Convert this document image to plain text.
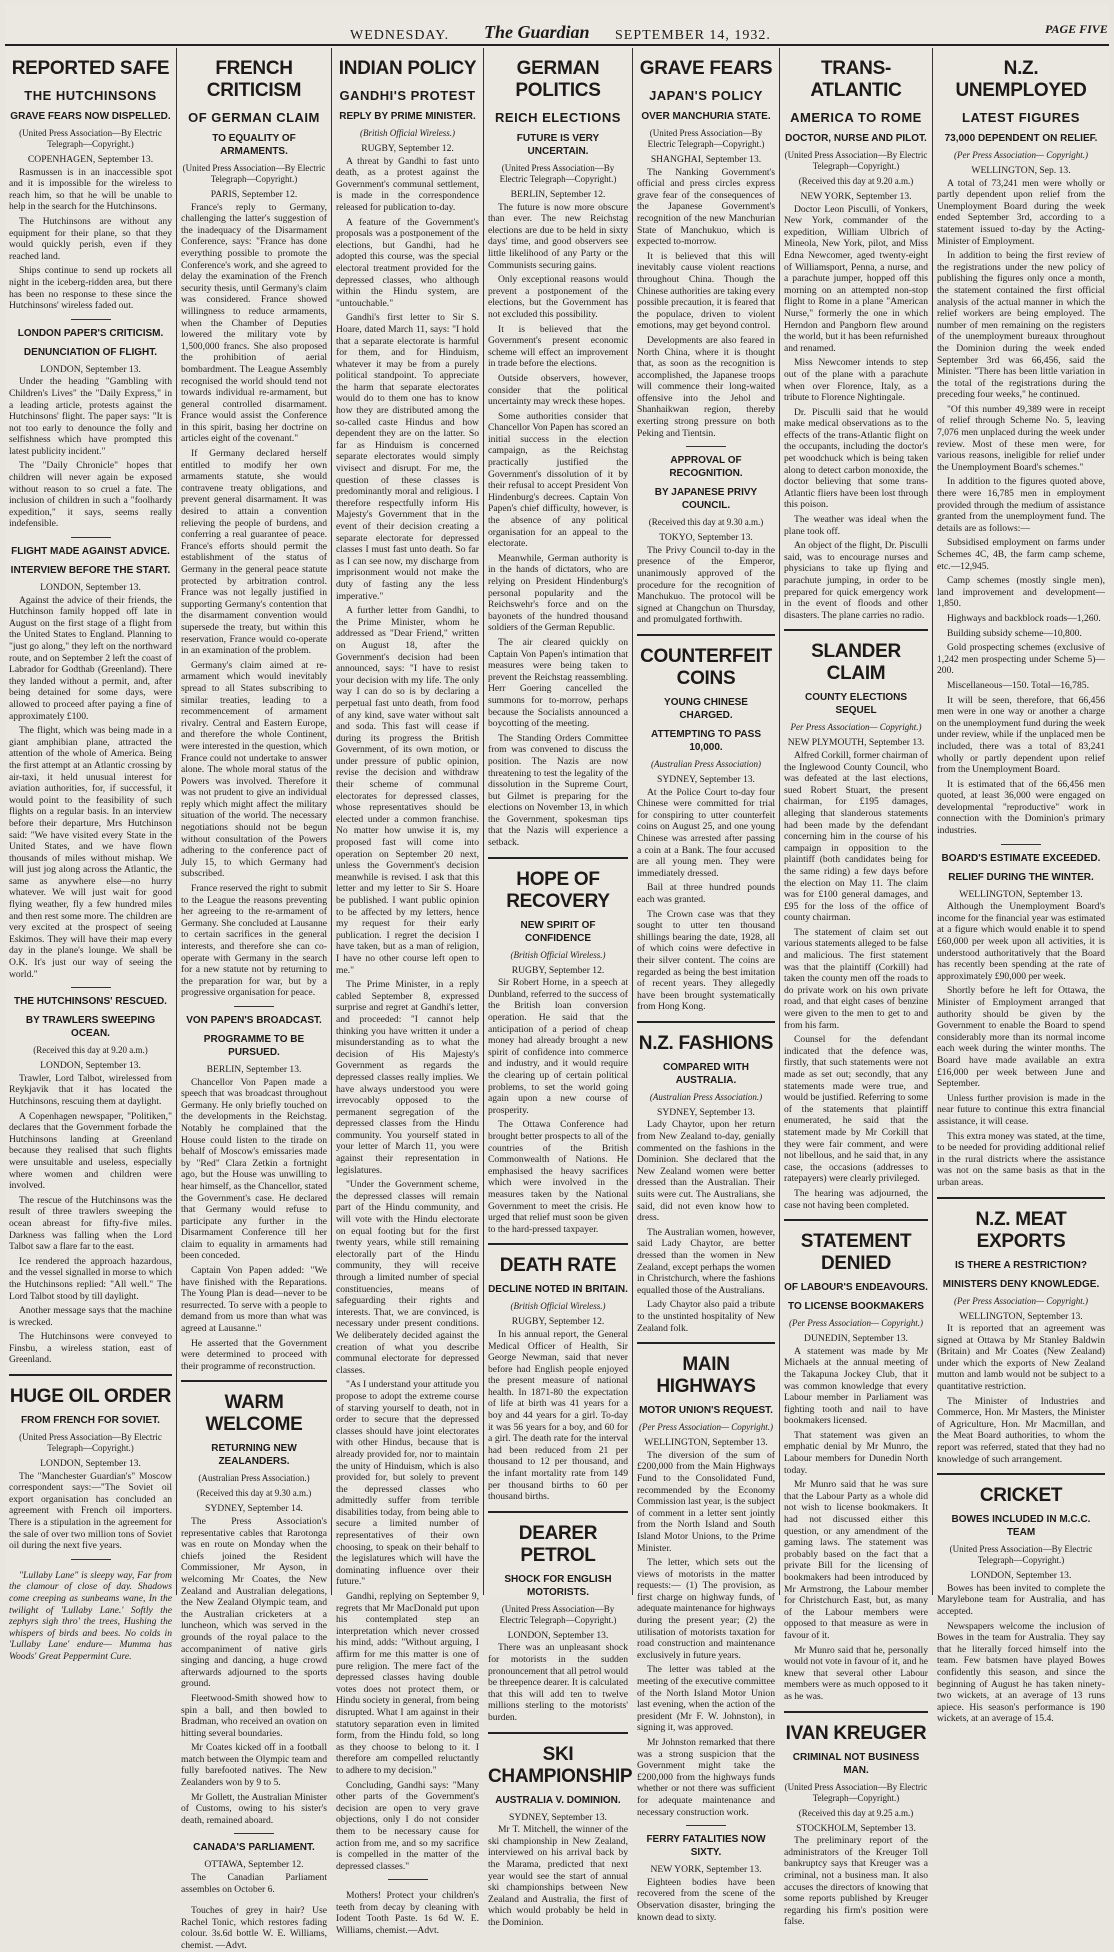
WEDNESDAY. The Guardian SEPTEMBER 14, 1932.	PAGE FIVE
REPORTED SAFE
THE HUTCHINSONS
GRAVE FEARS NOW DISPELLED.
(United Press Association—By Electric Telegraph—Copyright.)
COPENHAGEN, September 13.

Rasmussen is in an inaccessible spot and it is impossible for the wireless to reach him, so that he will be unable to help in the search for the Hutchinsons.

The Hutchinsons are without any equipment for their plane, so that they would quickly perish, even if they reached land.

Ships continue to send up rockets all night in the iceberg-ridden area, but there has been no response to these since the Hutchinsons' wireless faded out.

LONDON PAPER'S CRITICISM.
DENUNCIATION OF FLIGHT.
LONDON, September 13.

Under the heading "Gambling with Children's Lives" the "Daily Express," in a leading article, protests against the Hutchinsons' flight. The paper says: "It is not too early to denounce the folly and selfishness which have prompted this latest publicity incident."

The "Daily Chronicle" hopes that children will never again be exposed without reason to so cruel a fate. The inclusion of children in such a "foolhardy expedition," it says, seems really indefensible.

FLIGHT MADE AGAINST ADVICE.
INTERVIEW BEFORE THE START.
LONDON, September 13.

Against the advice of their friends, the Hutchinson family hopped off late in August on the first stage of a flight from the United States to England. Planning to "just go along," they left on the northward route, and on September 2 left the coast of Labrador for Godthab (Greenland). There they landed without a permit, and, after being detained for some days, were allowed to proceed after paying a fine of approximately £100.

The flight, which was being made in a giant amphibian plane, attracted the attention of the whole of America. Being the first attempt at an Atlantic crossing by air-taxi, it held unusual interest for aviation authorities, for, if successful, it would point to the feasibility of such flights on a regular basis. In an interview before their departure, Mrs Hutchinson said: "We have visited every State in the United States, and we have flown thousands of miles without mishap. We will just jog along across the Atlantic, the same as anywhere else—no hurry whatever. We will just wait for good flying weather, fly a few hundred miles and then rest some more. The children are very excited at the prospect of seeing Eskimos. They will have their map every day in the plane's lounge. We shall be O.K. It's just our way of seeing the world."

THE HUTCHINSONS' RESCUED.
BY TRAWLERS SWEEPING OCEAN.
(Received this day at 9.20 a.m.)
LONDON, September 13.

Trawler, Lord Talbot, wirelessed from Reykjavik that it has located the Hutchinsons, rescuing them at daylight.

A Copenhagen newspaper, "Politiken," declares that the Government forbade the Hutchinsons landing at Greenland because they realised that such flights were unsuitable and useless, especially where women and children were involved.

The rescue of the Hutchinsons was the result of three trawlers sweeping the ocean abreast for fifty-five miles. Darkness was falling when the Lord Talbot saw a flare far to the east.

Ice rendered the approach hazardous, and the vessel signalled in morse to which the Hutchinsons replied: "All well." The Lord Talbot stood by till daylight.

Another message says that the machine is wrecked.

The Hutchinsons were conveyed to Finsbu, a wireless station, east of Greenland.

HUGE OIL ORDER
FROM FRENCH FOR SOVIET.
(United Press Association—By Electric Telegraph—Copyright.)
LONDON, September 13.

The "Manchester Guardian's" Moscow correspondent says:—"The Soviet oil export organisation has concluded an agreement with French oil importers. There is a stipulation in the agreement for the sale of over two million tons of Soviet oil during the next five years.

"Lullaby Lane" is sleepy way, Far from the clamour of close of day. Shadows come creeping as sunbeams wane, In the twilight of 'Lullaby Lane.' Softly the zephyrs sigh thro' the trees, Hushing the whispers of birds and bees. No colds in 'Lullaby Lane' endure— Mumma has Woods' Great Peppermint Cure.

FRENCH CRITICISM
OF GERMAN CLAIM
TO EQUALITY OF ARMAMENTS.
(United Press Association—By Electric Telegraph—Copyright.)
PARIS, September 12.

France's reply to Germany, challenging the latter's suggestion of the inadequacy of the Disarmament Conference, says: "France has done everything possible to promote the Conference's work, and she agreed to delay the examination of the French security thesis, until Germany's claim was considered. France showed willingness to reduce armaments, when the Chamber of Deputies lowered the military vote by 1,500,000 francs. She also proposed the prohibition of aerial bombardment. The League Assembly recognised the world should tend not towards individual re-armament, but general controlled disarmament. France would assist the Conference in this spirit, basing her doctrine on articles eight of the covenant."

If Germany declared herself entitled to modify her own armaments statute, she would contravene treaty obligations, and prevent general disarmament. It was desired to attain a convention relieving the people of burdens, and conferring a real guarantee of peace. France's efforts should permit the establishment of the status of Germany in the general peace statute protected by arbitration control. France was not legally justified in supporting Germany's contention that the disarmament convention would supersede the treaty, but within this reservation, France would co-operate in an examination of the problem.

Germany's claim aimed at re-armament which would inevitably spread to all States subscribing to similar treaties, leading to a recommencement of armament rivalry. Central and Eastern Europe, and therefore the whole Continent, were interested in the question, which France could not undertake to answer alone. The whole moral status of the Powers was involved. Therefore it was not prudent to give an individual reply which might affect the military situation of the world. The necessary negotiations should not be begun without consultation of the Powers adhering to the conference pact of July 15, to which Germany had subscribed.

France reserved the right to submit to the League the reasons preventing her agreeing to the re-armament of Germany. She concluded at Lausanne to certain sacrifices in the general interests, and therefore she can co-operate with Germany in the search for a new statute not by returning to the preparation for war, but by a progressive organisation for peace.

VON PAPEN'S BROADCAST.
PROGRAMME TO BE PURSUED.
BERLIN, September 13.

Chancellor Von Papen made a speech that was broadcast throughout Germany. He only briefly touched on the developments in the Reichstag. Notably he complained that the House could listen to the tirade on behalf of Moscow's emissaries made by "Red" Clara Zetkin a fortnight ago, but the House was unwilling to hear himself, as the Chancellor, stated the Government's case. He declared that Germany would refuse to participate any further in the Disarmament Conference till her claim to equality in armaments had been conceded.

Captain Von Papen added: "We have finished with the Reparations. The Young Plan is dead—never to be resurrected. To serve with a people to demand from us more than what was agreed at Lausanne."

He asserted that the Government were determined to proceed with their programme of reconstruction.

WARM WELCOME
RETURNING NEW ZEALANDERS.
(Australian Press Association.)
(Received this day at 9.30 a.m.)
SYDNEY, September 14.

The Press Association's representative cables that Rarotonga was en route on Monday when the chiefs joined the Resident Commissioner, Mr Ayson, in welcoming Mr Coates, the New Zealand and Australian delegations, the New Zealand Olympic team, and the Australian cricketers at a luncheon, which was served in the grounds of the royal palace to the accompaniment of native girls singing and dancing, a huge crowd afterwards adjourned to the sports ground.

Fleetwood-Smith showed how to spin a ball, and then bowled to Bradman, who received an ovation on hitting several boundaries.

Mr Coates kicked off in a football match between the Olympic team and fully barefooted natives. The New Zealanders won by 9 to 5.

Mr Gollett, the Australian Minister of Customs, owing to his sister's death, remained aboard.

CANADA'S PARLIAMENT.
OTTAWA, September 12.

The Canadian Parliament assembles on October 6.

Touches of grey in hair? Use Rachel Tonic, which restores fading colour. 3s.6d bottle W. E. Williams, chemist. —Advt.

INDIAN POLICY
GANDHI'S PROTEST
REPLY BY PRIME MINISTER.
(British Official Wireless.)
RUGBY, September 12.

A threat by Gandhi to fast unto death, as a protest against the Government's communal settlement, is made in the correspondence released for publication to-day.

A feature of the Government's proposals was a postponement of the elections, but Gandhi, had he adopted this course, was the special electoral treatment provided for the depressed classes, who although within the Hindu system, are "untouchable."

Gandhi's first letter to Sir S. Hoare, dated March 11, says: "I hold that a separate electorate is harmful for them, and for Hinduism, whatever it may be from a purely political standpoint. To appreciate the harm that separate electorates would do to them one has to know how they are distributed among the so-called caste Hindus and how dependent they are on the latter. So far as Hinduism is concerned separate electorates would simply vivisect and disrupt. For me, the question of these classes is predominantly moral and religious. I therefore respectfully inform His Majesty's Government that in the event of their decision creating a separate electorate for depressed classes I must fast unto death. So far as I can see now, my discharge from imprisonment would not make the duty of fasting any the less imperative."

A further letter from Gandhi, to the Prime Minister, whom he addressed as "Dear Friend," written on August 18, after the Government's decision had been announced, says: "I have to resist your decision with my life. The only way I can do so is by declaring a perpetual fast unto death, from food of any kind, save water without salt and soda. This fast will cease if during its progress the British Government, of its own motion, or under pressure of public opinion, revise the decision and withdraw their scheme of communal electorates for depressed classes, whose representatives should be elected under a common franchise. No matter how unwise it is, my proposed fast will come into operation on September 20 next, unless the Government's decision meanwhile is revised. I ask that this letter and my letter to Sir S. Hoare be published. I want public opinion to be affected by my letters, hence my request for their early publication. I regret the decision I have taken, but as a man of religion, I have no other course left open to me."

The Prime Minister, in a reply cabled September 8, expressed surprise and regret at Gandhi's letter, and proceeded: "I cannot help thinking you have written it under a misunderstanding as to what the decision of His Majesty's Government as regards the depressed classes really implies. We have always understood you were irrevocably opposed to the permanent segregation of the depressed classes from the Hindu community. You yourself stated in your letter of March 11, you were against their representation in legislatures.

"Under the Government scheme, the depressed classes will remain part of the Hindu community, and will vote with the Hindu electorate on equal footing but for the first twenty years, while still remaining electorally part of the Hindu community, they will receive through a limited number of special constituencies, means of safeguarding their rights and interests. That, we are convinced, is necessary under present conditions. We deliberately decided against the creation of what you describe communal electorate for depressed classes.

"As I understand your attitude you propose to adopt the extreme course of starving yourself to death, not in order to secure that the depressed classes should have joint electorates with other Hindus, because that is already provided for, nor to maintain the unity of Hinduism, which is also provided for, but solely to prevent the depressed classes who admittedly suffer from terrible disabilities today, from being able to secure a limited number of representatives of their own choosing, to speak on their behalf to the legislatures which will have the dominating influence over their future."

Gandhi, replying on September 9, regrets that Mr MacDonald put upon his contemplated step an interpretation which never crossed his mind, adds: "Without arguing, I affirm for me this matter is one of pure religion. The mere fact of the depressed classes having double votes does not protect them, or Hindu society in general, from being disrupted. What I am against in their statutory separation even in limited form, from the Hindu fold, so long as they choose to belong to it. I therefore am compelled reluctantly to adhere to my decision."

Concluding, Gandhi says: "Many other parts of the Government's decision are open to very grave objections, only I do not consider them to be necessary cause for action from me, and so my sacrifice is compelled in the matter of the depressed classes."

Mothers! Protect your children's teeth from decay by cleaning with Iodent Tooth Paste. 1s 6d W. E. Williams, chemist.—Advt.

GERMAN POLITICS
REICH ELECTIONS
FUTURE IS VERY UNCERTAIN.
(United Press Association—By Electric Telegraph—Copyright.)
BERLIN, September 12.

The future is now more obscure than ever. The new Reichstag elections are due to be held in sixty days' time, and good observers see little likelihood of any Party or the Communists securing gains.

Only exceptional reasons would prevent a postponement of the elections, but the Government has not excluded this possibility.

It is believed that the Government's present economic scheme will effect an improvement in trade before the elections.

Outside observers, however, consider that the political uncertainty may wreck these hopes.

Some authorities consider that Chancellor Von Papen has scored an initial success in the election campaign, as the Reichstag practically justified the Government's dissolution of it by their refusal to accept President Von Hindenburg's decrees. Captain Von Papen's chief difficulty, however, is the absence of any political organisation for an appeal to the electorate.

Meanwhile, German authority is in the hands of dictators, who are relying on President Hindenburg's personal popularity and the Reichswehr's force and on the bayonets of the hundred thousand soldiers of the German Republic.

The air cleared quickly on Captain Von Papen's intimation that measures were being taken to prevent the Reichstag reassembling. Herr Goering cancelled the summons for to-morrow, perhaps because the Socialists announced a boycotting of the meeting.

The Standing Orders Committee from was convened to discuss the position. The Nazis are now threatening to test the legality of the dissolution in the Supreme Court, but Gilmet is preparing for the elections on November 13, in which the Government, spokesman tips that the Nazis will experience a setback.

HOPE OF RECOVERY
NEW SPIRIT OF CONFIDENCE
(British Official Wireless.)
RUGBY, September 12.

Sir Robert Horne, in a speech at Dunbland, referred to the success of the British loan conversion operation. He said that the anticipation of a period of cheap money had already brought a new spirit of confidence into commerce and industry, and it would require the clearing up of certain political problems, to set the world going again upon a new course of prosperity.

The Ottawa Conference had brought better prospects to all of the countries of the British Commonwealth of Nations. He emphasised the heavy sacrifices which were involved in the measures taken by the National Government to meet the crisis. He urged that relief must soon be given to the hard-pressed taxpayer.

DEATH RATE
DECLINE NOTED IN BRITAIN.
(British Official Wireless.)
RUGBY, September 12.

In his annual report, the General Medical Officer of Health, Sir George Newman, said that never before had English people enjoyed the present measure of national health. In 1871-80 the expectation of life at birth was 41 years for a boy and 44 years for a girl. To-day it was 56 years for a boy, and 60 for a girl. The death rate for the interval had been reduced from 21 per thousand to 12 per thousand, and the infant mortality rate from 149 per thousand births to 60 per thousand births.

DEARER PETROL
SHOCK FOR ENGLISH MOTORISTS.
(United Press Association—By Electric Telegraph—Copyright.)
LONDON, September 13.

There was an unpleasant shock for motorists in the sudden pronouncement that all petrol would be threepence dearer. It is calculated that this will add ten to twelve millions sterling to the motorists' burden.

SKI CHAMPIONSHIP
AUSTRALIA V. DOMINION.
SYDNEY, September 13.

Mr T. Mitchell, the winner of the ski championship in New Zealand, interviewed on his arrival back by the Marama, predicted that next year would see the start of annual ski championships between New Zealand and Australia, the first of which would probably be held in the Dominion.

GRAVE FEARS
JAPAN'S POLICY
OVER MANCHURIA STATE.
(United Press Association—By Electric Telegraph—Copyright.)
SHANGHAI, September 13.

The Nanking Government's official and press circles express grave fear of the consequences of the Japanese Government's recognition of the new Manchurian State of Manchukuo, which is expected to-morrow.

It is believed that this will inevitably cause violent reactions throughout China. Though the Chinese authorities are taking every possible precaution, it is feared that the populace, driven to violent emotions, may get beyond control.

Developments are also feared in North China, where it is thought that, as soon as the recognition is accomplished, the Japanese troops will commence their long-waited offensive into the Jehol and Shanhaikwan region, thereby exerting strong pressure on both Peking and Tientsin.

APPROVAL OF RECOGNITION.
BY JAPANESE PRIVY COUNCIL.
(Received this day at 9.30 a.m.)
TOKYO, September 13.

The Privy Council to-day in the presence of the Emperor, unanimously approved of the procedure for the recognition of Manchukuo. The protocol will be signed at Changchun on Thursday, and promulgated forthwith.

COUNTERFEIT COINS
YOUNG CHINESE CHARGED.
ATTEMPTING TO PASS 10,000.
(Australian Press Association)
SYDNEY, September 13.

At the Police Court to-day four Chinese were committed for trial for conspiring to utter counterfeit coins on August 25, and one young Chinese was arrested after passing a coin at a Bank. The four accused are all young men. They were immediately dressed.

Bail at three hundred pounds each was granted.

The Crown case was that they sought to utter ten thousand shillings bearing the date, 1928, all of which coins were defective in their silver content. The coins are regarded as being the best imitation of recent years. They allegedly have been brought systematically from Hong Kong.

N.Z. FASHIONS
COMPARED WITH AUSTRALIA.
(Australian Press Association.)
SYDNEY, September 13.

Lady Chaytor, upon her return from New Zealand to-day, genially commented on the fashions in the Dominion. She declared that the New Zealand women were better dressed than the Australian. Their suits were cut. The Australians, she said, did not even know how to dress.

The Australian women, however, said Lady Chaytor, are better dressed than the women in New Zealand, except perhaps the women in Christchurch, where the fashions equalled those of the Australians.

Lady Chaytor also paid a tribute to the unstinted hospitality of New Zealand folk.

MAIN HIGHWAYS
MOTOR UNION'S REQUEST.
(Per Press Association— Copyright.)
WELLINGTON, September 13.

The diversion of the sum of £200,000 from the Main Highways Fund to the Consolidated Fund, recommended by the Economy Commission last year, is the subject of comment in a letter sent jointly from the North Island and South Island Motor Unions, to the Prime Minister.

The letter, which sets out the views of motorists in the matter requests:— (1) The provision, as first charge on highway funds, of adequate maintenance for highways during the present year; (2) the utilisation of motorists taxation for road construction and maintenance exclusively in future years.

The letter was tabled at the meeting of the executive committee of the North Island Motor Union last evening, when the action of the president (Mr F. W. Johnston), in signing it, was approved.

Mr Johnston remarked that there was a strong suspicion that the Government might take the £200,000 from the highways funds whether or not there was sufficient for adequate maintenance and necessary construction work.

FERRY FATALITIES NOW SIXTY.
NEW YORK, September 13.

Eighteen bodies have been recovered from the scene of the Observation disaster, bringing the known dead to sixty.

TRANS-ATLANTIC
AMERICA TO ROME
DOCTOR, NURSE AND PILOT.
(United Press Association—By Electric Telegraph—Copyright.)
(Received this day at 9.20 a.m.)
NEW YORK, September 13.

Doctor Leon Pisculli, of Yonkers, New York, commander of the expedition, William Ulbrich of Mineola, New York, pilot, and Miss Edna Newcomer, aged twenty-eight of Williamsport, Penna, a nurse, and a parachute jumper, hopped off this morning on an attempted non-stop flight to Rome in a plane "American Nurse," formerly the one in which Herndon and Pangborn flew around the world, but it has been refurnished and renamed.

Miss Newcomer intends to step out of the plane with a parachute when over Florence, Italy, as a tribute to Florence Nightingale.

Dr. Pisculli said that he would make medical observations as to the effects of the trans-Atlantic flight on the occupants, including the doctor's pet woodchuck which is being taken along to detect carbon monoxide, the doctor believing that some trans-Atlantic fliers have been lost through this poison.

The weather was ideal when the plane took off.

An object of the flight, Dr. Pisculli said, was to encourage nurses and physicians to take up flying and parachute jumping, in order to be prepared for quick emergency work in the event of floods and other disasters. The plane carries no radio.

SLANDER CLAIM
COUNTY ELECTIONS SEQUEL
Per Press Association— Copyright.)
NEW PLYMOUTH, September 13.

Alfred Corkill, former chairman of the Inglewood County Council, who was defeated at the last elections, sued Robert Stuart, the present chairman, for £195 damages, alleging that slanderous statements had been made by the defendant concerning him in the course of his campaign in opposition to the plaintiff (both candidates being for the same riding) a few days before the election on May 11. The claim was for £100 general damages, and £95 for the loss of the office of county chairman.

The statement of claim set out various statements alleged to be false and malicious. The first statement was that the plaintiff (Corkill) had taken the county men off the roads to do private work on his own private road, and that eight cases of benzine were given to the men to get to and from his farm.

Counsel for the defendant indicated that the defence was, firstly, that such statements were not made as set out; secondly, that any statements made were true, and would be justified. Referring to some of the statements that plaintiff enumerated, he said that the statement made by Mr Corkill that they were fair comment, and were not libellous, and he said that, in any case, the occasions (addresses to ratepayers) were clearly privileged.

The hearing was adjourned, the case not having been completed.

STATEMENT DENIED
OF LABOUR'S ENDEAVOURS.
TO LICENSE BOOKMAKERS
(Per Press Association— Copyright.)
DUNEDIN, September 13.

A statement was made by Mr Michaels at the annual meeting of the Takapuna Jockey Club, that it was common knowledge that every Labour member in Parliament was fighting tooth and nail to have bookmakers licensed.

That statement was given an emphatic denial by Mr Munro, the Labour members for Dunedin North today.

Mr Munro said that he was sure that the Labour Party as a whole did not wish to license bookmakers. It had not discussed either this question, or any amendment of the gaming laws. The statement was probably based on the fact that a private Bill for the licensing of bookmakers had been introduced by Mr Armstrong, the Labour member for Christchurch East, but, as many of the Labour members were opposed to that measure as were in favour of it.

Mr Munro said that he, personally would not vote in favour of it, and he knew that several other Labour members were as much opposed to it as he was.

IVAN KREUGER
CRIMINAL NOT BUSINESS MAN.
(United Press Association—By Electric Telegraph—Copyright.)
(Received this day at 9.25 a.m.)
STOCKHOLM, September 13.

The preliminary report of the administrators of the Kreuger Toll bankruptcy says that Kreuger was a criminal, not a business man. It also accuses the directors of knowing that some reports published by Kreuger regarding his firm's position were false.

N.Z. UNEMPLOYED
LATEST FIGURES
73,000 DEPENDENT ON RELIEF.
(Per Press Association— Copyright.)
WELLINGTON, Sep. 13.

A total of 73,241 men were wholly or partly dependent upon relief from the Unemployment Board during the week ended September 3rd, according to a statement issued to-day by the Acting-Minister of Employment.

In addition to being the first review of the registrations under the new policy of publishing the figures only once a month, the statement contained the first official analysis of the actual manner in which the relief workers are being employed. The number of men remaining on the registers of the unemployment bureaux throughout the Dominion during the week ended September 3rd was 66,456, said the Minister. "There has been little variation in the total of the registrations during the preceding four weeks," he continued.

"Of this number 49,389 were in receipt of relief through Scheme No. 5, leaving 7,076 men unplaced during the week under review. Most of these men were, for various reasons, ineligible for relief under the Unemployment Board's schemes."

In addition to the figures quoted above, there were 16,785 men in employment provided through the medium of assistance granted from the unemployment fund. The details are as follows:—

Subsidised employment on farms under Schemes 4C, 4B, the farm camp scheme, etc.—12,945.

Camp schemes (mostly single men), land improvement and development—1,850.

Highways and backblock roads—1,260.

Building subsidy scheme—10,800.

Gold prospecting schemes (exclusive of 1,242 men prospecting under Scheme 5)—200.

Miscellaneous—150. Total—16,785.

It will be seen, therefore, that 66,456 men were in one way or another a charge on the unemployment fund during the week under review, while if the unplaced men be included, there was a total of 83,241 wholly or partly dependent upon relief from the Unemployment Board.

It is estimated that of the 66,456 men quoted, at least 36,000 were engaged on developmental "reproductive" work in connection with the Dominion's primary industries.

BOARD'S ESTIMATE EXCEEDED.
RELIEF DURING THE WINTER.
WELLINGTON, September 13.

Although the Unemployment Board's income for the financial year was estimated at a figure which would enable it to spend £60,000 per week upon all activities, it is understood authoritatively that the Board has recently been spending at the rate of approximately £90,000 per week.

Shortly before he left for Ottawa, the Minister of Employment arranged that authority should be given by the Government to enable the Board to spend considerably more than its normal income each week during the winter months. The Board have made available an extra £16,000 per week between June and September.

Unless further provision is made in the near future to continue this extra financial assistance, it will cease.

This extra money was stated, at the time, to be needed for providing additional relief in the rural districts where the assistance was not on the same basis as that in the urban areas.

N.Z. MEAT EXPORTS
IS THERE A RESTRICTION?
MINISTERS DENY KNOWLEDGE.
(Per Press Association— Copyright.)
WELLINGTON, September 13.

It is reported that an agreement was signed at Ottawa by Mr Stanley Baldwin (Britain) and Mr Coates (New Zealand) under which the exports of New Zealand mutton and lamb would not be subject to a quantitative restriction.

The Minister of Industries and Commerce, Hon. Mr Masters, the Minister of Agriculture, Hon. Mr Macmillan, and the Meat Board authorities, to whom the report was referred, stated that they had no knowledge of such arrangement.

CRICKET
BOWES INCLUDED IN M.C.C. TEAM
(United Press Association—By Electric Telegraph—Copyright.)
LONDON, September 13.

Bowes has been invited to complete the Marylebone team for Australia, and has accepted.

Newspapers welcome the inclusion of Bowes in the team for Australia. They say that he literally forced himself into the team. Few batsmen have played Bowes confidently this season, and since the beginning of August he has taken ninety-two wickets, at an average of 13 runs apiece. His season's performance is 190 wickets, at an average of 15.4.
